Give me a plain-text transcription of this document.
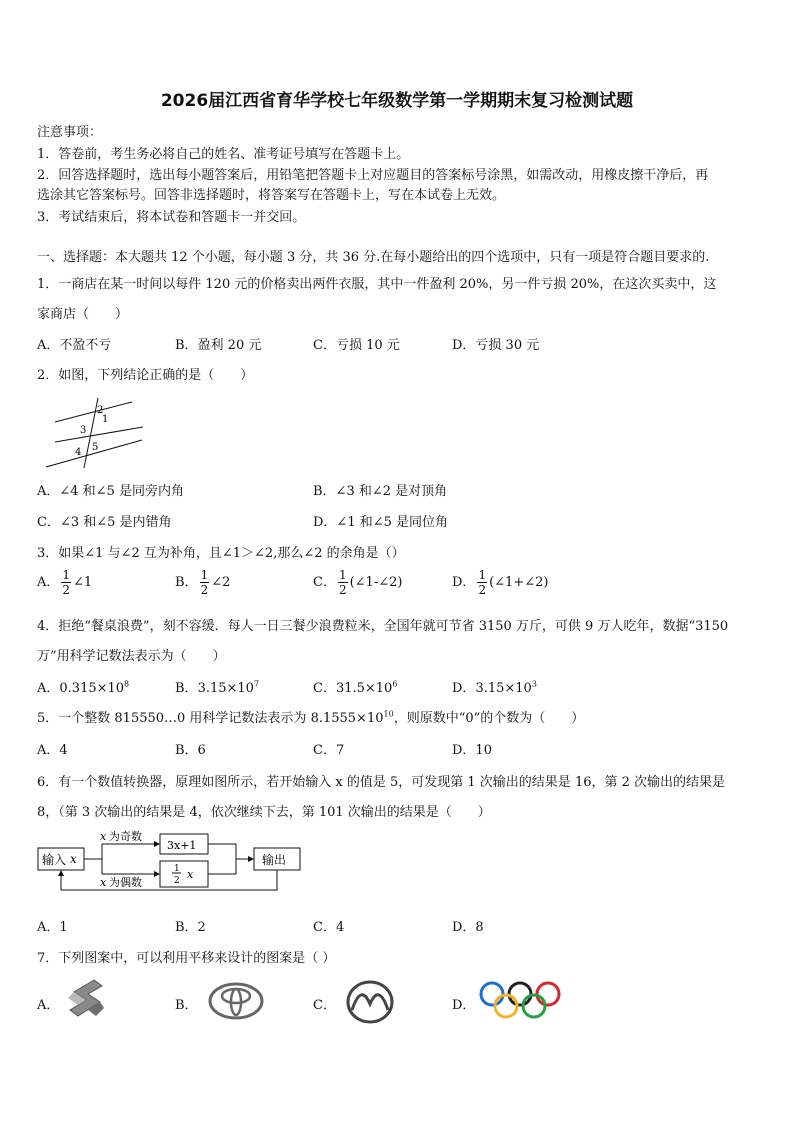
2026届江西省育华学校七年级数学第一学期期末复习检测试题
注意事项：
1．答卷前，考生务必将自己的姓名、准考证号填写在答题卡上。
2．回答选择题时，选出每小题答案后，用铅笔把答题卡上对应题目的答案标号涂黑，如需改动，用橡皮擦干净后，再
选涂其它答案标号。回答非选择题时，将答案写在答题卡上，写在本试卷上无效。
3．考试结束后，将本试卷和答题卡一并交回。
一、选择题：本大题共 12 个小题，每小题 3 分，共 36 分.在每小题给出的四个选项中，只有一项是符合题目要求的.
1．一商店在某一时间以每件 120 元的价格卖出两件衣服，其中一件盈利 20%，另一件亏损 20%，在这次买卖中，这
家商店（　　）
A．不盈不亏	B．盈利 20 元	C．亏损 10 元	D．亏损 30 元
2．如图，下列结论正确的是（　　）
2
1
3
4 5
A．∠4 和∠5 是同旁内角	B．∠3 和∠2 是对顶角
C．∠3 和∠5 是内错角	D．∠1 和∠5 是同位角
3．如果∠1 与∠2 互为补角，且∠1＞∠2,那么∠2 的余角是（）
A． $\frac{1}{2}$ ∠1	B． $\frac{1}{2}$ ∠2	C． $\frac{1}{2}$ (∠1-∠2)	D． $\frac{1}{2}$ (∠1+∠2)
4．拒绝“餐桌浪费”，刻不容缓．每人一日三餐少浪费粒米，全国年就可节省 3150 万斤，可供 9 万人吃年，数据“3150
万”用科学记数法表示为（　　）
A．$0.315\times 10^8$	B．$3.15\times 10^7$	C．$31.5\times 10^6$	D．$3.15\times 10^3$
5．一个整数 815550…0 用科学记数法表示为 $8.1555\times 10^{10}$，则原数中“0”的个数为（　　）
A．4	B．6	C．7	D．10
6．有一个数值转换器，原理如图所示，若开始输入 x 的值是 5，可发现第 1 次输出的结果是 16，第 2 次输出的结果是
8，（第 3 次输出的结果是 4，依次继续下去，第 101 次输出的结果是（　　）
输入 x
x 为奇数
x 为偶数
3x+1
1
2 x
输出
A．1	B．2	C．4	D．8
7．下列图案中，可以利用平移来设计的图案是（ ）
A．	B．	C．	D．
